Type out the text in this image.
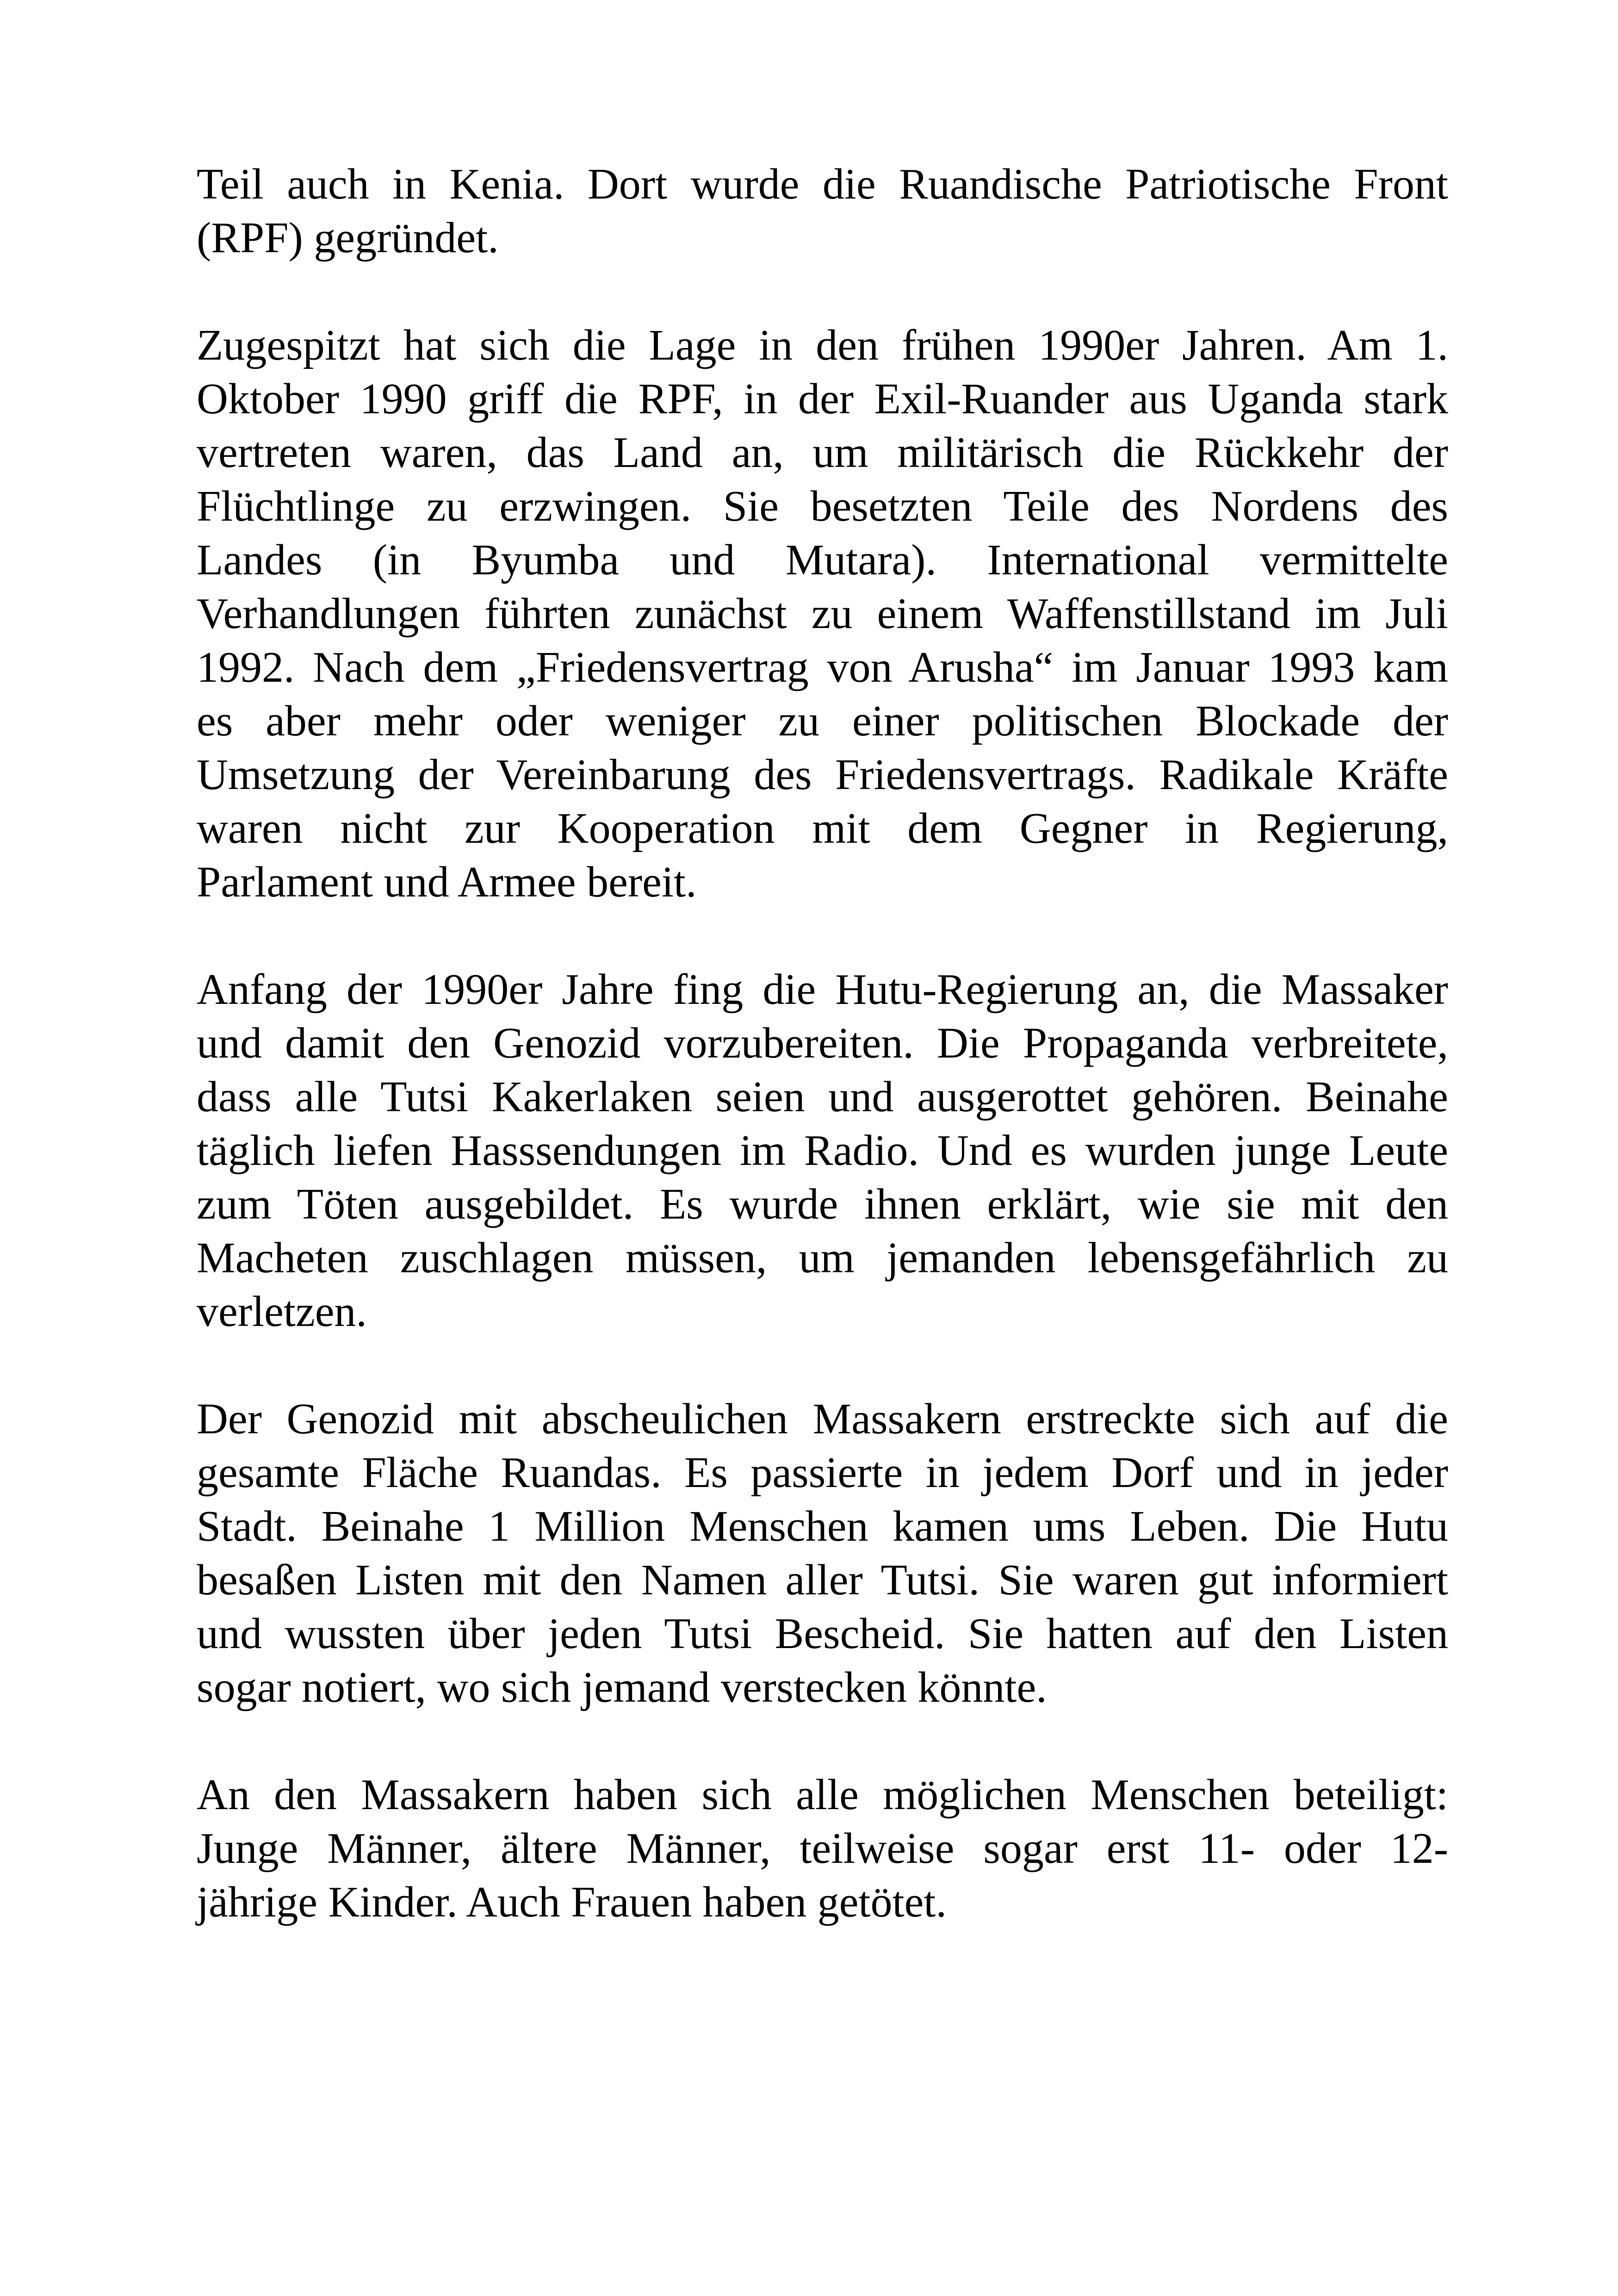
Teil auch in Kenia. Dort wurde die Ruandische Patriotische Front
(RPF) gegründet.

Zugespitzt hat sich die Lage in den frühen 1990er Jahren. Am 1.
Oktober 1990 griff die RPF, in der Exil-Ruander aus Uganda stark
vertreten waren, das Land an, um militärisch die Rückkehr der
Flüchtlinge zu erzwingen. Sie besetzten Teile des Nordens des
Landes (in Byumba und Mutara). International vermittelte
Verhandlungen führten zunächst zu einem Waffenstillstand im Juli
1992. Nach dem „Friedensvertrag von Arusha“ im Januar 1993 kam
es aber mehr oder weniger zu einer politischen Blockade der
Umsetzung der Vereinbarung des Friedensvertrags. Radikale Kräfte
waren nicht zur Kooperation mit dem Gegner in Regierung,
Parlament und Armee bereit.

Anfang der 1990er Jahre fing die Hutu-Regierung an, die Massaker
und damit den Genozid vorzubereiten. Die Propaganda verbreitete,
dass alle Tutsi Kakerlaken seien und ausgerottet gehören. Beinahe
täglich liefen Hasssendungen im Radio. Und es wurden junge Leute
zum Töten ausgebildet. Es wurde ihnen erklärt, wie sie mit den
Macheten zuschlagen müssen, um jemanden lebensgefährlich zu
verletzen.

Der Genozid mit abscheulichen Massakern erstreckte sich auf die
gesamte Fläche Ruandas. Es passierte in jedem Dorf und in jeder
Stadt. Beinahe 1 Million Menschen kamen ums Leben. Die Hutu
besaßen Listen mit den Namen aller Tutsi. Sie waren gut informiert
und wussten über jeden Tutsi Bescheid. Sie hatten auf den Listen
sogar notiert, wo sich jemand verstecken könnte.

An den Massakern haben sich alle möglichen Menschen beteiligt:
Junge Männer, ältere Männer, teilweise sogar erst 11- oder 12-
jährige Kinder. Auch Frauen haben getötet.
